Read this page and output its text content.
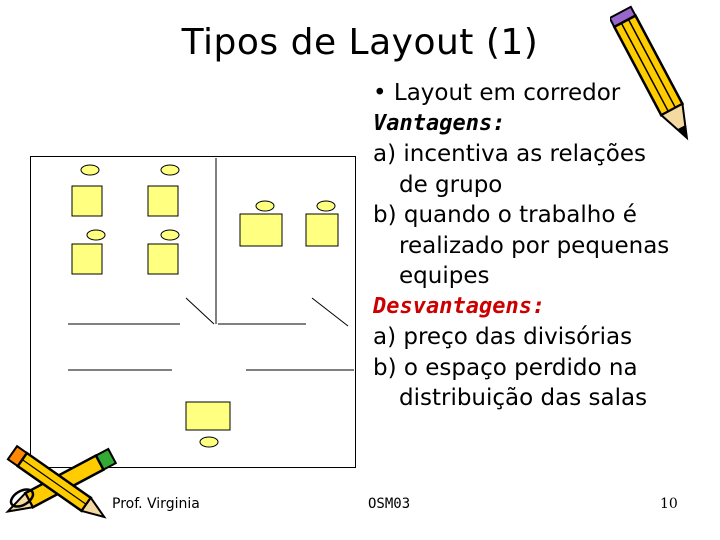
Tipos de Layout (1)
• Layout em corredor
Vantagens:
a) incentiva as relações
de grupo
b) quando o trabalho é
realizado por pequenas
equipes
Desvantagens:
a) preço das divisórias
b) o espaço perdido na
distribuição das salas
Prof. Virginia	OSM03	10
